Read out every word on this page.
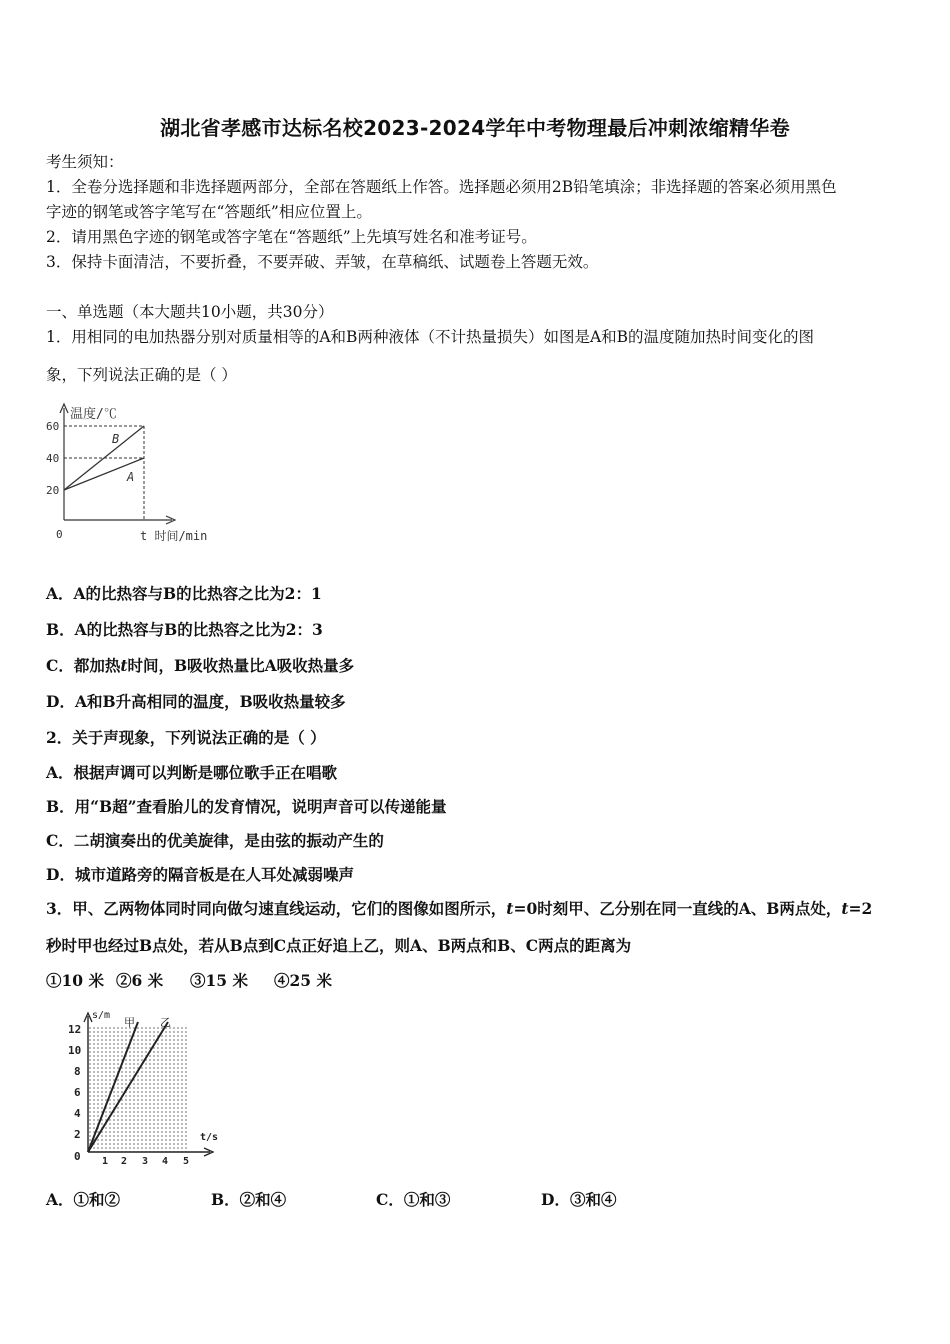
湖北省孝感市达标名校2023-2024学年中考物理最后冲刺浓缩精华卷
考生须知：
1．全卷分选择题和非选择题两部分，全部在答题纸上作答。选择题必须用2B铅笔填涂；非选择题的答案必须用黑色
字迹的钢笔或答字笔写在“答题纸”相应位置上。
2．请用黑色字迹的钢笔或答字笔在“答题纸”上先填写姓名和准考证号。
3．保持卡面清洁，不要折叠，不要弄破、弄皱，在草稿纸、试题卷上答题无效。
一、单选题（本大题共10小题，共30分）
1．用相同的电加热器分别对质量相等的A和B两种液体（不计热量损失）如图是A和B的温度随加热时间变化的图
象，下列说法正确的是（ ）
温度/℃
60
40
20
0	t 时间/min
B
A
A．A的比热容与B的比热容之比为2：1
B．A的比热容与B的比热容之比为2：3
C．都加热t时间，B吸收热量比A吸收热量多
D．A和B升高相同的温度，B吸收热量较多
2．关于声现象，下列说法正确的是（ ）
A．根据声调可以判断是哪位歌手正在唱歌
B．用“B超”查看胎儿的发育情况，说明声音可以传递能量
C．二胡演奏出的优美旋律，是由弦的振动产生的
D．城市道路旁的隔音板是在人耳处减弱噪声
3．甲、乙两物体同时同向做匀速直线运动，它们的图像如图所示，t=0时刻甲、乙分别在同一直线的A、B两点处，t=2
秒时甲也经过B点处，若从B点到C点正好追上乙，则A、B两点和B、C两点的距离为
①10 米 ②6 米 ③15 米 ④25 米
s/m
甲 乙
12
10
8
6
4
2
0 1 2 3 4 5
t/s
A．①和②	B．②和④	C．①和③	D．③和④
